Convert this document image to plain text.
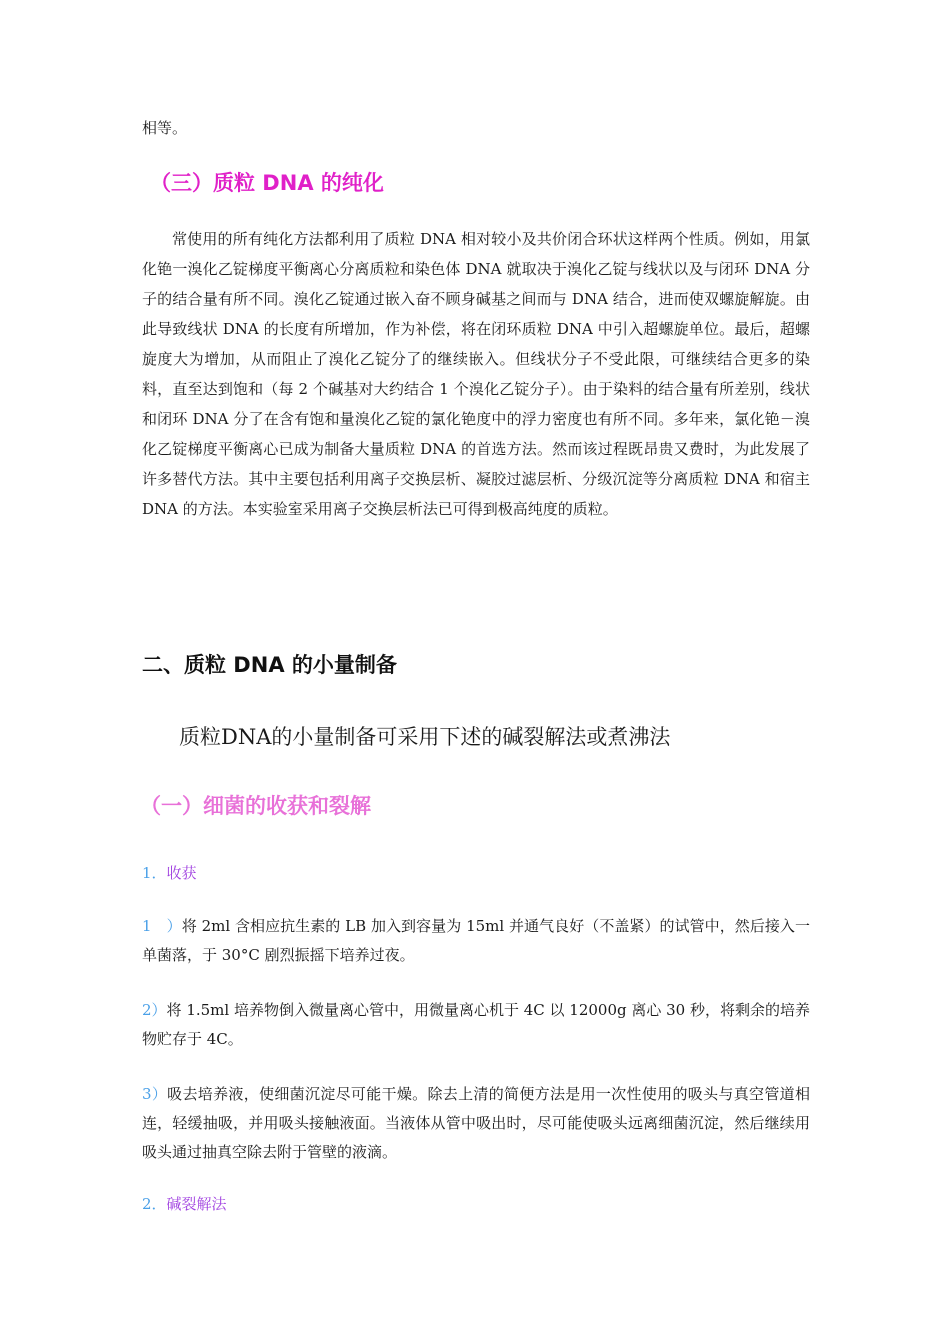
相等。

（三）质粒 DNA 的纯化

常使用的所有纯化方法都利用了质粒 DNA 相对较小及共价闭合环状这样两个性质。例如，用氯化铯一溴化乙锭梯度平衡离心分离质粒和染色体 DNA 就取决于溴化乙锭与线状以及与闭环 DNA 分子的结合量有所不同。溴化乙锭通过嵌入奋不顾身碱基之间而与 DNA 结合，进而使双螺旋解旋。由此导致线状 DNA 的长度有所增加，作为补偿，将在闭环质粒 DNA 中引入超螺旋单位。最后，超螺旋度大为增加，从而阻止了溴化乙锭分了的继续嵌入。但线状分子不受此限，可继续结合更多的染料，直至达到饱和（每 2 个碱基对大约结合 1 个溴化乙锭分子）。由于染料的结合量有所差别，线状和闭环 DNA 分了在含有饱和量溴化乙锭的氯化铯度中的浮力密度也有所不同。多年来，氯化铯－溴化乙锭梯度平衡离心已成为制备大量质粒 DNA 的首选方法。然而该过程既昂贵又费时，为此发展了许多替代方法。其中主要包括利用离子交换层析、凝胶过滤层析、分级沉淀等分离质粒 DNA 和宿主 DNA 的方法。本实验室采用离子交换层析法已可得到极高纯度的质粒。

二、质粒 DNA 的小量制备

质粒DNA的小量制备可采用下述的碱裂解法或煮沸法

（一）细菌的收获和裂解
1．收获

1　）将 2ml 含相应抗生素的 LB 加入到容量为 15ml 并通气良好（不盖紧）的试管中，然后接入一单菌落，于 30°C 剧烈振摇下培养过夜。

2）将 1.5ml 培养物倒入微量离心管中，用微量离心机于 4C 以 12000g 离心 30 秒，将剩余的培养物贮存于 4C。

3）吸去培养液，使细菌沉淀尽可能干燥。除去上清的简便方法是用一次性使用的吸头与真空管道相连，轻缓抽吸，并用吸头接触液面。当液体从管中吸出时，尽可能使吸头远离细菌沉淀，然后继续用吸头通过抽真空除去附于管壁的液滴。

2．碱裂解法
